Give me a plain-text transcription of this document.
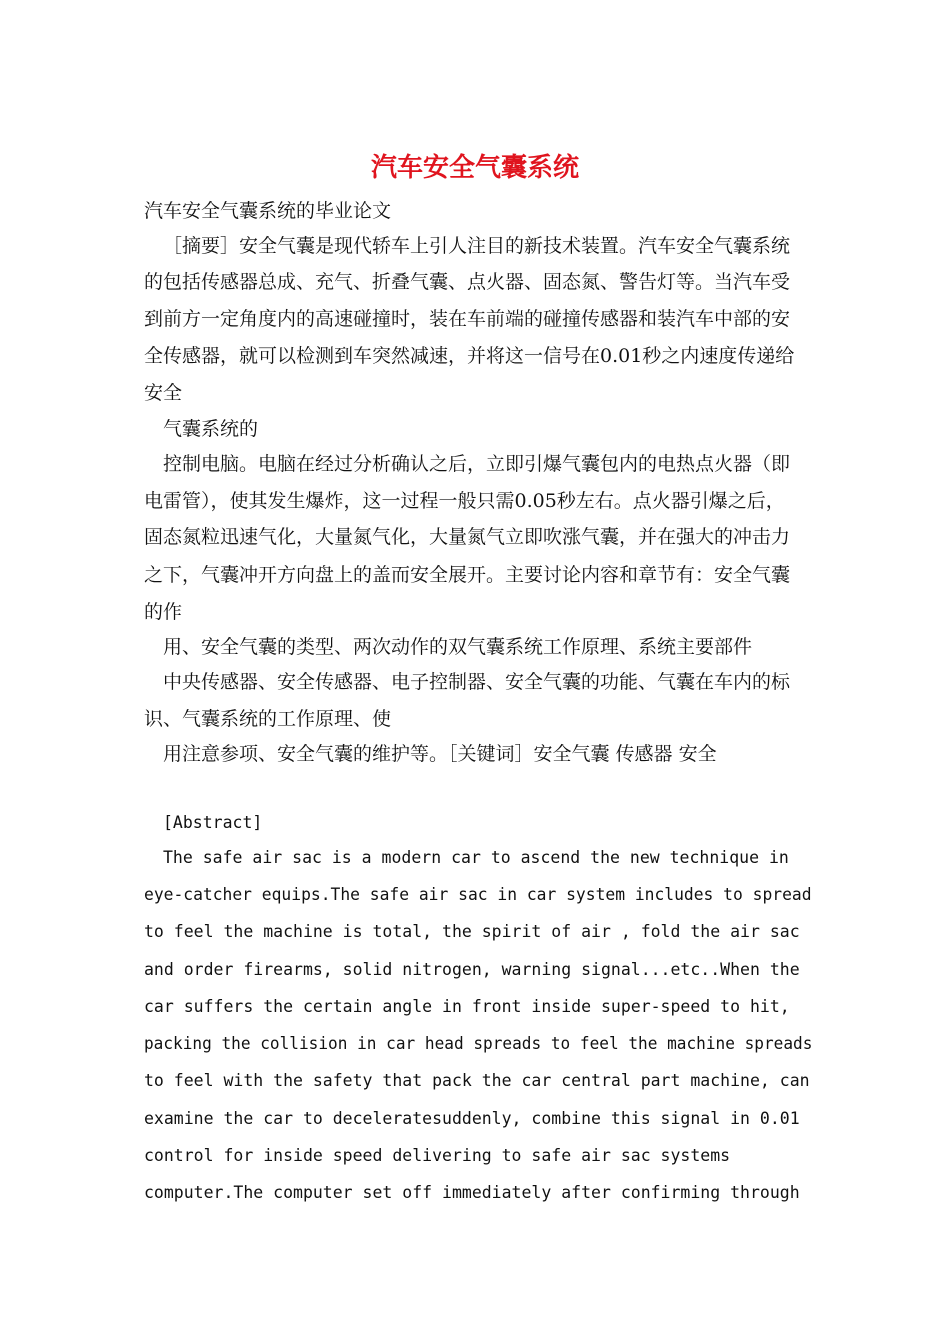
汽车安全气囊系统
汽车安全气囊系统的毕业论文
［摘要］安全气囊是现代轿车上引人注目的新技术装置。汽车安全气囊系统
的包括传感器总成、充气、折叠气囊、点火器、固态氮、警告灯等。当汽车受
到前方一定角度内的高速碰撞时，装在车前端的碰撞传感器和装汽车中部的安
全传感器，就可以检测到车突然减速，并将这一信号在0.01秒之内速度传递给
安全
气囊系统的
控制电脑。电脑在经过分析确认之后，立即引爆气囊包内的电热点火器（即
电雷管），使其发生爆炸，这一过程一般只需0.05秒左右。点火器引爆之后，
固态氮粒迅速气化，大量氮气化，大量氮气立即吹涨气囊，并在强大的冲击力
之下，气囊冲开方向盘上的盖而安全展开。主要讨论内容和章节有：安全气囊
的作
用、安全气囊的类型、两次动作的双气囊系统工作原理、系统主要部件
中央传感器、安全传感器、电子控制器、安全气囊的功能、气囊在车内的标
识、气囊系统的工作原理、使
用注意参项、安全气囊的维护等。［关键词］安全气囊 传感器 安全
[Abstract]
The safe air sac is a modern car to ascend the new technique in
eye-catcher equips.The safe air sac in car system includes to spread
to feel the machine is total, the spirit of air , fold the air sac
and order firearms, solid nitrogen, warning signal...etc..When the
car suffers the certain angle in front inside super-speed to hit,
packing the collision in car head spreads to feel the machine spreads
to feel with the safety that pack the car central part machine, can
examine the car to deceleratesuddenly, combine this signal in 0.01
control for inside speed delivering to safe air sac systems
computer.The computer set off immediately after confirming through
